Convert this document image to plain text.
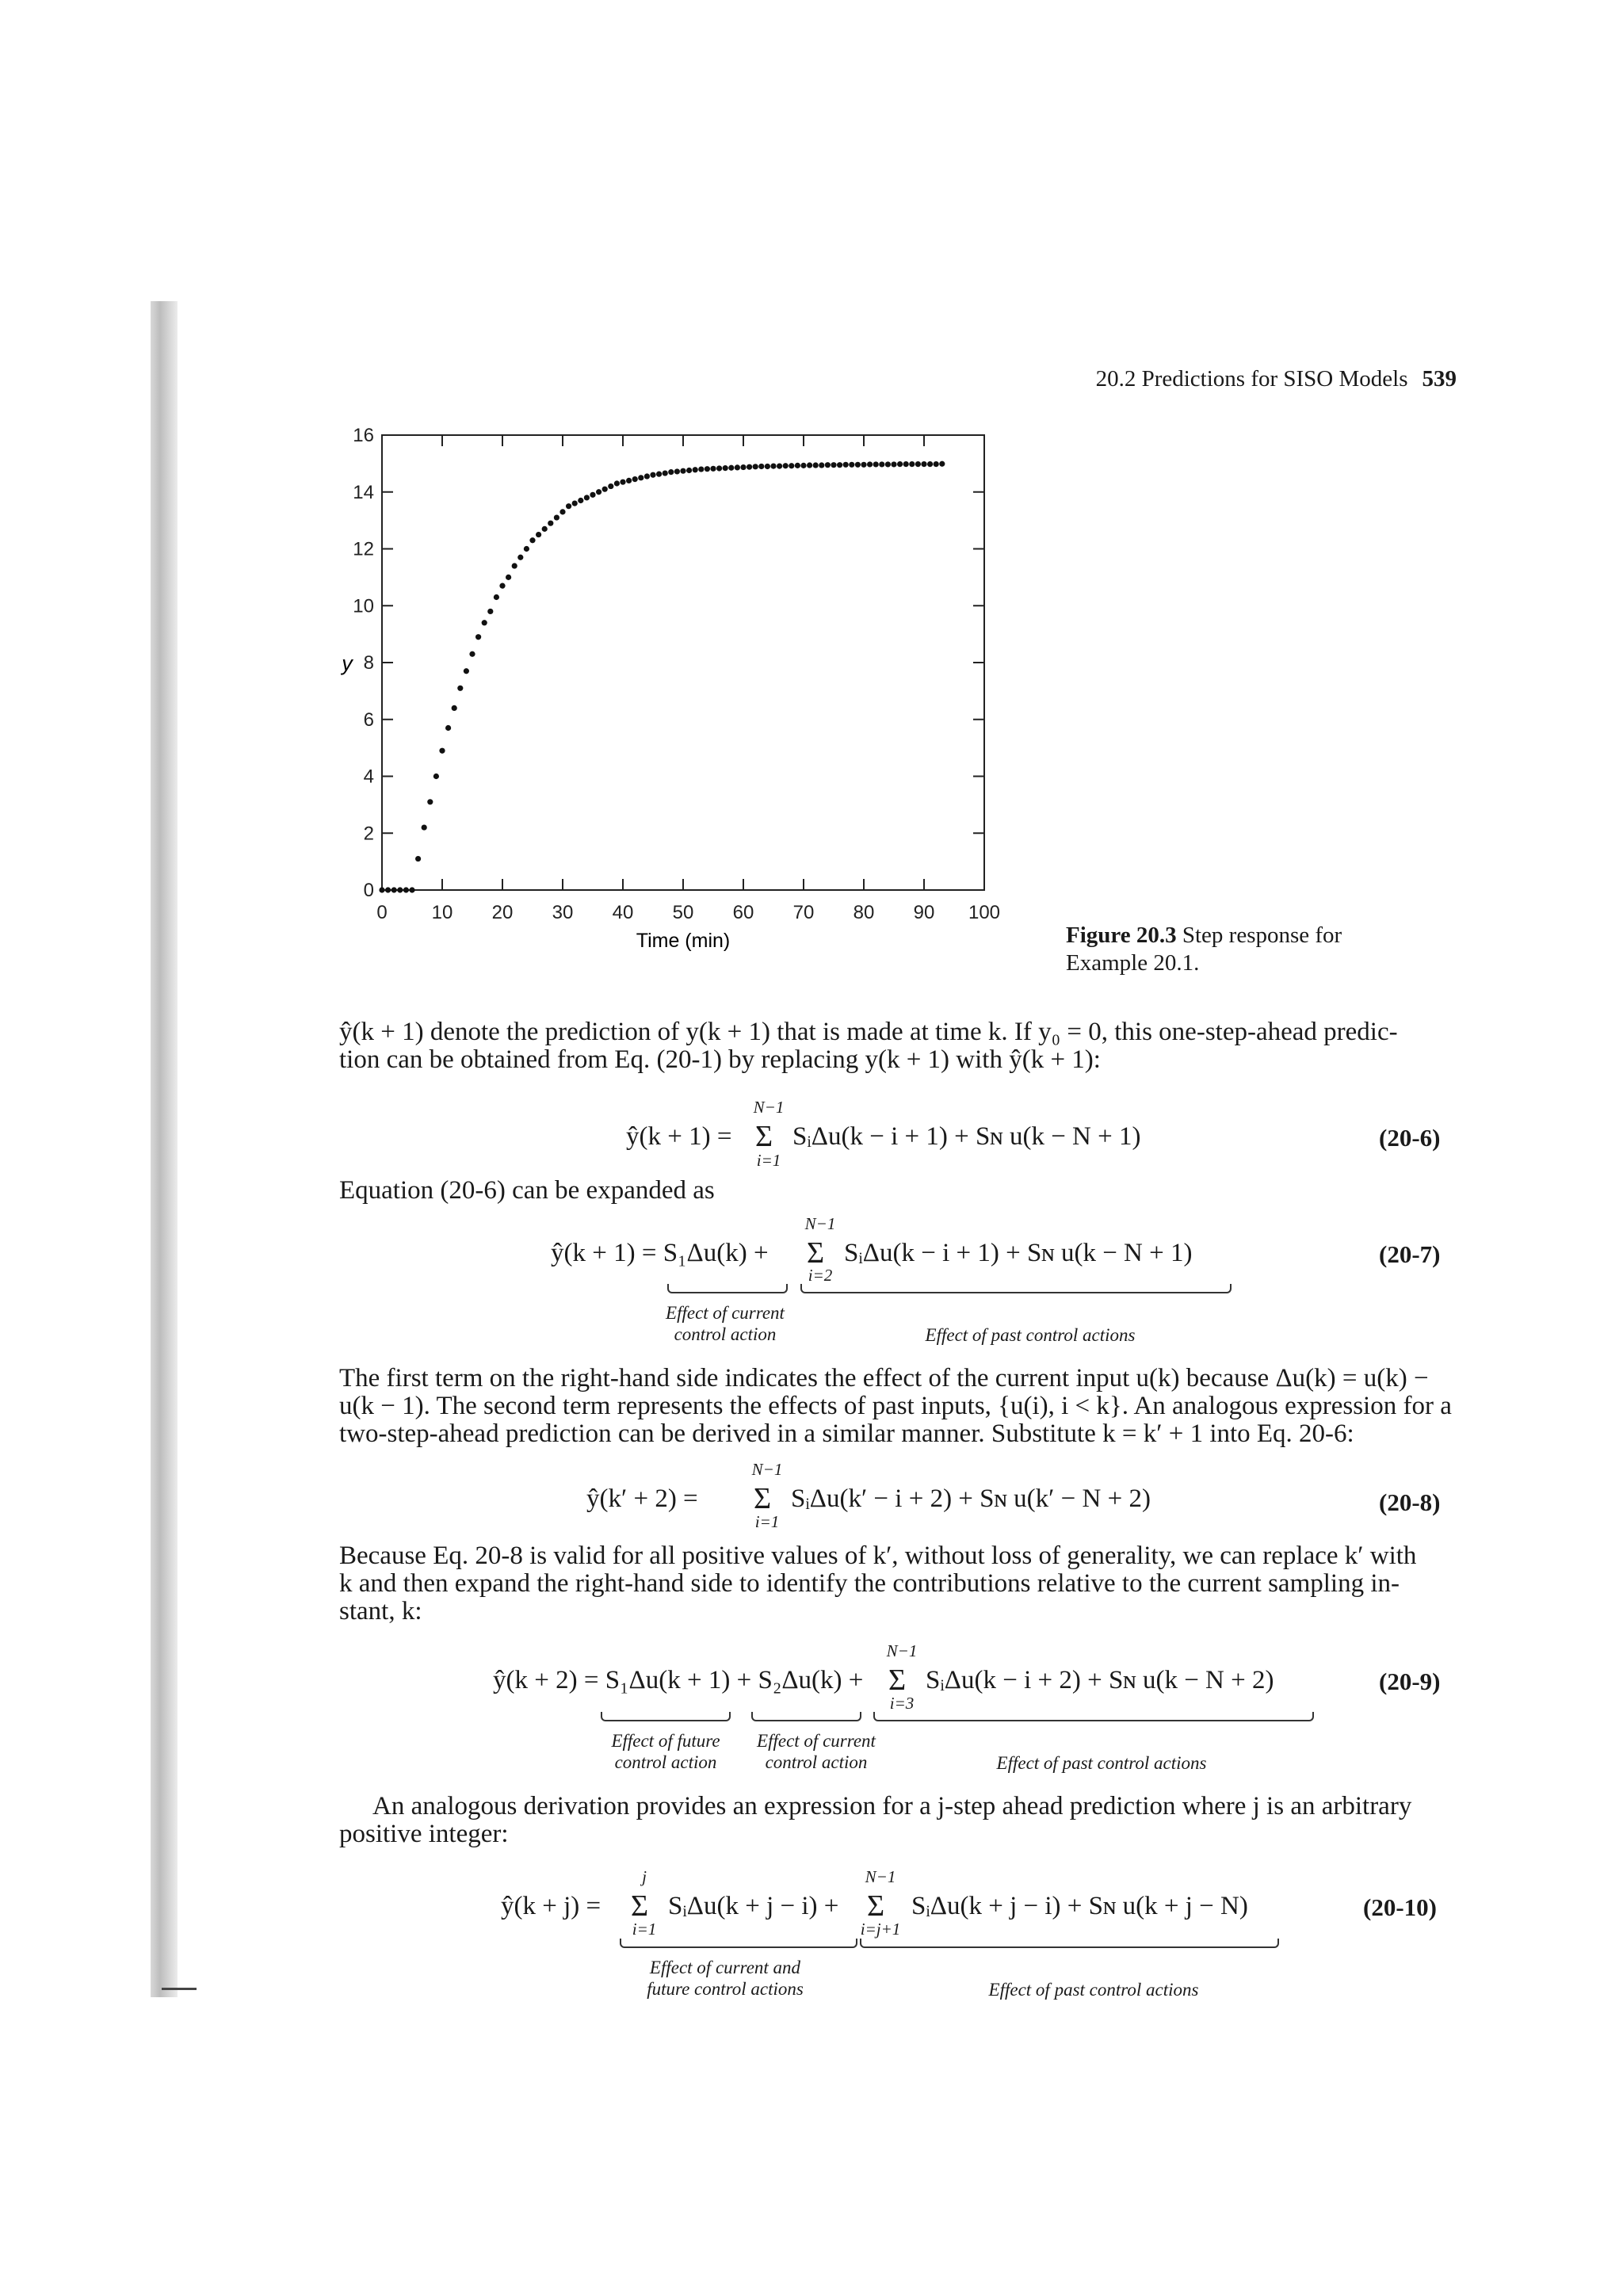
20.2 Predictions for SISO Models 539
0 10 20 30 40 50 60 70 80 90 100
0
2
4
6
8
10
12
14
16
Time (min)
y
Figure 20.3 Step response for Example 20.1.
ŷ(k + 1) denote the prediction of y(k + 1) that is made at time k. If y₀ = 0, this one-step-ahead predic-
tion can be obtained from Eq. (20-1) by replacing y(k + 1) with ŷ(k + 1):
ŷ(k + 1) =
N−1
Σ
i=1
SᵢΔu(k − i + 1) + Sɴ u(k − N + 1)	(20-6)
Equation (20-6) can be expanded as
ŷ(k + 1) = S₁Δu(k) +
N−1
Σ
i=2
SᵢΔu(k − i + 1) + Sɴ u(k − N + 1)	(20-7)
Effect of current
control action	Effect of past control actions
The first term on the right-hand side indicates the effect of the current input u(k) because Δu(k) = u(k) −
u(k − 1). The second term represents the effects of past inputs, {u(i), i < k}. An analogous expression for a
two-step-ahead prediction can be derived in a similar manner. Substitute k = k′ + 1 into Eq. 20-6:
ŷ(k′ + 2) =
N−1
Σ
i=1
SᵢΔu(k′ − i + 2) + Sɴ u(k′ − N + 2)	(20-8)
Because Eq. 20-8 is valid for all positive values of k′, without loss of generality, we can replace k′ with
k and then expand the right-hand side to identify the contributions relative to the current sampling in-
stant, k:
ŷ(k + 2) = S₁Δu(k + 1) + S₂Δu(k) +
N−1
Σ
i=3
SᵢΔu(k − i + 2) + Sɴ u(k − N + 2)	(20-9)
Effect of future
control action
Effect of current
control action	Effect of past control actions
An analogous derivation provides an expression for a j-step ahead prediction where j is an arbitrary
positive integer:
ŷ(k + j) =
j
Σ
i=1
SᵢΔu(k + j − i) +
N−1
Σ
i=j+1
SᵢΔu(k + j − i) + Sɴ u(k + j − N)	(20-10)
Effect of current and
future control actions	Effect of past control actions
